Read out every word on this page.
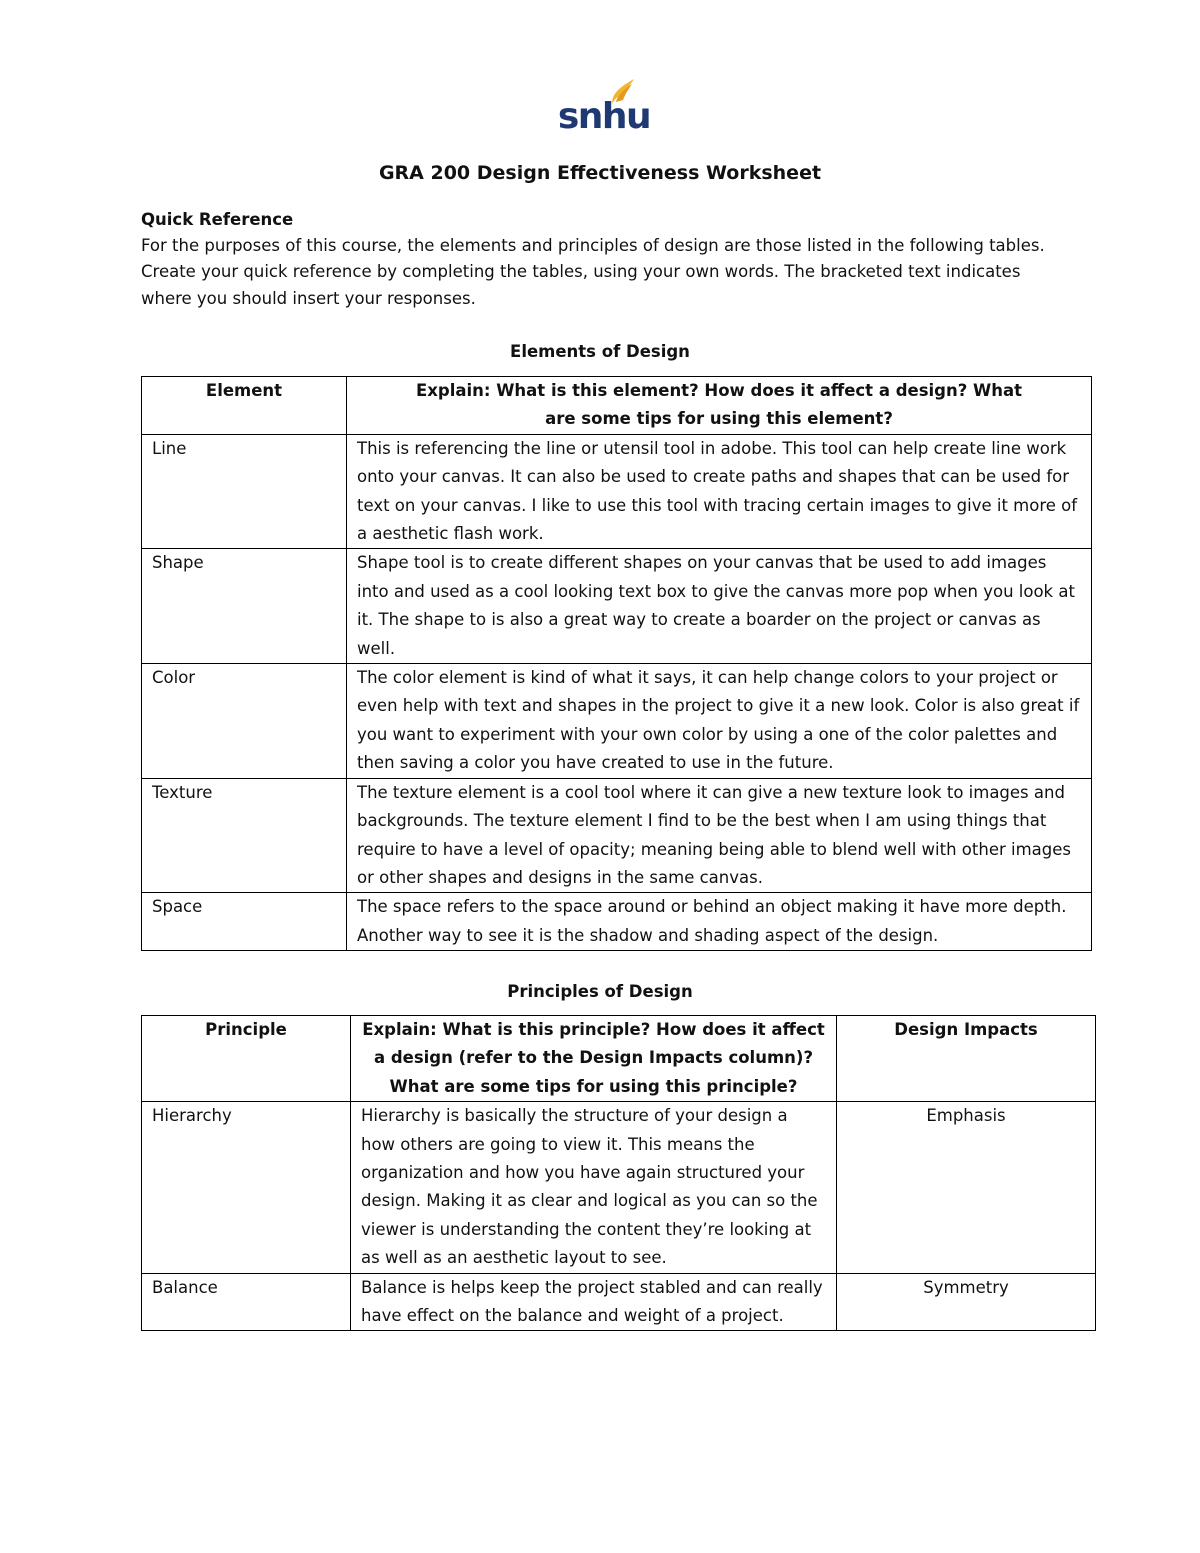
snhu
GRA 200 Design Effectiveness Worksheet
Quick Reference
For the purposes of this course, the elements and principles of design are those listed in the following tables. Create your quick reference by completing the tables, using your own words. The bracketed text indicates where you should insert your responses.
Elements of Design
Element	Explain: What is this element? How does it affect a design? What are some tips for using this element?
Line	This is referencing the line or utensil tool in adobe. This tool can help create line work onto your canvas. It can also be used to create paths and shapes that can be used for text on your canvas. I like to use this tool with tracing certain images to give it more of a aesthetic flash work.
Shape	Shape tool is to create different shapes on your canvas that be used to add images into and used as a cool looking text box to give the canvas more pop when you look at it. The shape to is also a great way to create a boarder on the project or canvas as well.
Color	The color element is kind of what it says, it can help change colors to your project or even help with text and shapes in the project to give it a new look. Color is also great if you want to experiment with your own color by using a one of the color palettes and then saving a color you have created to use in the future.
Texture	The texture element is a cool tool where it can give a new texture look to images and backgrounds. The texture element I find to be the best when I am using things that require to have a level of opacity; meaning being able to blend well with other images or other shapes and designs in the same canvas.
Space	The space refers to the space around or behind an object making it have more depth. Another way to see it is the shadow and shading aspect of the design.
Principles of Design
Principle	Explain: What is this principle? How does it affect a design (refer to the Design Impacts column)? What are some tips for using this principle?	Design Impacts
Hierarchy	Hierarchy is basically the structure of your design a how others are going to view it. This means the organization and how you have again structured your design. Making it as clear and logical as you can so the viewer is understanding the content they’re looking at as well as an aesthetic layout to see.	Emphasis
Balance	Balance is helps keep the project stabled and can really have effect on the balance and weight of a project.	Symmetry
